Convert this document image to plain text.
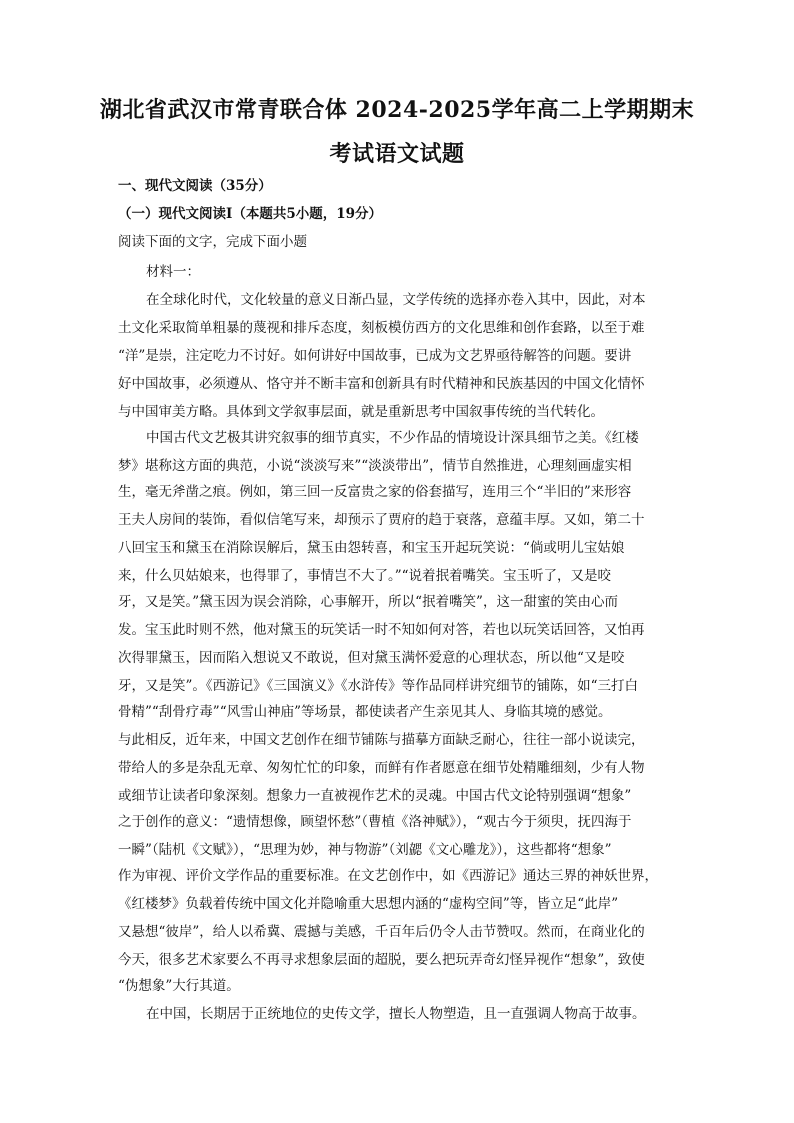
湖北省武汉市常青联合体 2024-2025学年高二上学期期末
考试语文试题
一、现代文阅读（35分）
（一）现代文阅读Ⅰ（本题共5小题，19分）
阅读下面的文字，完成下面小题
材料一：
在全球化时代，文化较量的意义日渐凸显，文学传统的选择亦卷入其中，因此，对本
土文化采取简单粗暴的蔑视和排斥态度，刻板模仿西方的文化思维和创作套路，以至于难
“洋”是崇，注定吃力不讨好。如何讲好中国故事，已成为文艺界亟待解答的问题。要讲
好中国故事，必须遵从、恪守并不断丰富和创新具有时代精神和民族基因的中国文化情怀
与中国审美方略。具体到文学叙事层面，就是重新思考中国叙事传统的当代转化。
中国古代文艺极其讲究叙事的细节真实，不少作品的情境设计深具细节之美。《红楼
梦》堪称这方面的典范，小说“淡淡写来”“淡淡带出”，情节自然推进，心理刻画虚实相
生，毫无斧凿之痕。例如，第三回一反富贵之家的俗套描写，连用三个“半旧的”来形容
王夫人房间的装饰，看似信笔写来，却预示了贾府的趋于衰落，意蕴丰厚。又如，第二十
八回宝玉和黛玉在消除误解后，黛玉由怨转喜，和宝玉开起玩笑说：“倘或明儿宝姑娘
来，什么贝姑娘来，也得罪了，事情岂不大了。”“说着抿着嘴笑。宝玉听了，又是咬
牙，又是笑。”黛玉因为误会消除，心事解开，所以“抿着嘴笑”，这一甜蜜的笑由心而
发。宝玉此时则不然，他对黛玉的玩笑话一时不知如何对答，若也以玩笑话回答，又怕再
次得罪黛玉，因而陷入想说又不敢说，但对黛玉满怀爱意的心理状态，所以他“又是咬
牙，又是笑”。《西游记》《三国演义》《水浒传》等作品同样讲究细节的铺陈，如“三打白
骨精”“刮骨疗毒”“风雪山神庙”等场景，都使读者产生亲见其人、身临其境的感觉。
与此相反，近年来，中国文艺创作在细节铺陈与描摹方面缺乏耐心，往往一部小说读完，
带给人的多是杂乱无章、匆匆忙忙的印象，而鲜有作者愿意在细节处精雕细刻，少有人物
或细节让读者印象深刻。想象力一直被视作艺术的灵魂。中国古代文论特别强调“想象”
之于创作的意义：“遗情想像，顾望怀愁”（曹植《洛神赋》），“观古今于须臾，抚四海于
一瞬”（陆机《文赋》），“思理为妙，神与物游”（刘勰《文心雕龙》），这些都将“想象”
作为审视、评价文学作品的重要标准。在文艺创作中，如《西游记》通达三界的神妖世界，
《红楼梦》负载着传统中国文化并隐喻重大思想内涵的“虚构空间”等，皆立足“此岸”
又悬想“彼岸”，给人以希冀、震撼与美感，千百年后仍令人击节赞叹。然而，在商业化的
今天，很多艺术家要么不再寻求想象层面的超脱，要么把玩弄奇幻怪异视作“想象”，致使
“伪想象”大行其道。
在中国，长期居于正统地位的史传文学，擅长人物塑造，且一直强调人物高于故事。
